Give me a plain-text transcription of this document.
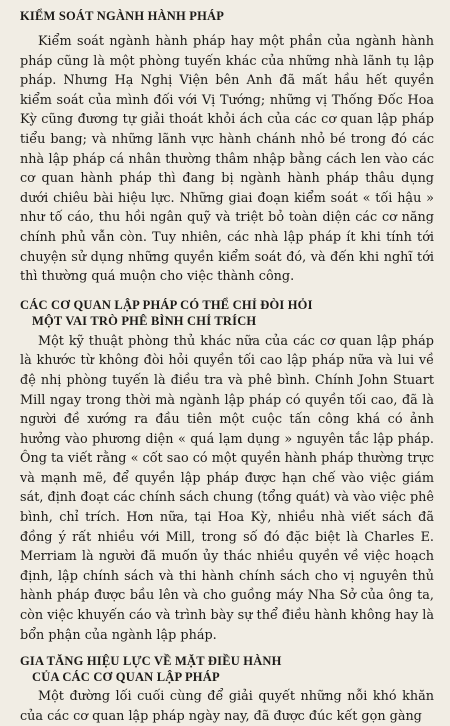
KIỂM SOÁT NGÀNH HÀNH PHÁP

Kiểm soát ngành hành pháp hay một phần của ngành hành pháp cũng là một phòng tuyến khác của những nhà lãnh tụ lập pháp. Nhưng Hạ Nghị Viện bên Anh đã mất hầu hết quyền kiểm soát của mình đối với Vị Tướng; những vị Thống Đốc Hoa Kỳ cũng đương tự giải thoát khỏi ách của các cơ quan lập pháp tiểu bang; và những lãnh vực hành chánh nhỏ bé trong đó các nhà lập pháp cá nhân thường thâm nhập bằng cách len vào các cơ quan hành pháp thì đang bị ngành hành pháp thâu dụng dưới chiêu bài hiệu lực. Những giai đoạn kiểm soát « tối hậu » như tố cáo, thu hồi ngân quỹ và triệt bỏ toàn diện các cơ năng chính phủ vẫn còn. Tuy nhiên, các nhà lập pháp ít khi tính tới chuyện sử dụng những quyền kiểm soát đó, và đến khi nghĩ tới thì thường quá muộn cho việc thành công.

CÁC CƠ QUAN LẬP PHÁP CÓ THỂ CHỈ ĐÒI HỎI
MỘT VAI TRÒ PHÊ BÌNH CHỈ TRÍCH

Một kỹ thuật phòng thủ khác nữa của các cơ quan lập pháp là khước từ không đòi hỏi quyền tối cao lập pháp nữa và lui về đệ nhị phòng tuyến là điều tra và phê bình. Chính John Stuart Mill ngay trong thời mà ngành lập pháp có quyền tối cao, đã là người đề xướng ra đầu tiên một cuộc tấn công khá có ảnh hưởng vào phương diện « quá lạm dụng » nguyên tắc lập pháp. Ông ta viết rằng « cốt sao có một quyền hành pháp thường trực và mạnh mẽ, để quyền lập pháp được hạn chế vào việc giám sát, định đoạt các chính sách chung (tổng quát) và vào việc phê bình, chỉ trích. Hơn nữa, tại Hoa Kỳ, nhiều nhà viết sách đã đồng ý rất nhiều với Mill, trong số đó đặc biệt là Charles E. Merriam là người đã muốn ủy thác nhiều quyền về việc hoạch định, lập chính sách và thi hành chính sách cho vị nguyên thủ hành pháp được bầu lên và cho guồng máy Nha Sở của ông ta, còn việc khuyến cáo và trình bày sự thể điều hành không hay là bổn phận của ngành lập pháp.

GIA TĂNG HIỆU LỰC VỀ MẶT ĐIỀU HÀNH
CỦA CÁC CƠ QUAN LẬP PHÁP

Một đường lối cuối cùng để giải quyết những nỗi khó khăn của các cơ quan lập pháp ngày nay, đã được đúc kết gọn gàng
